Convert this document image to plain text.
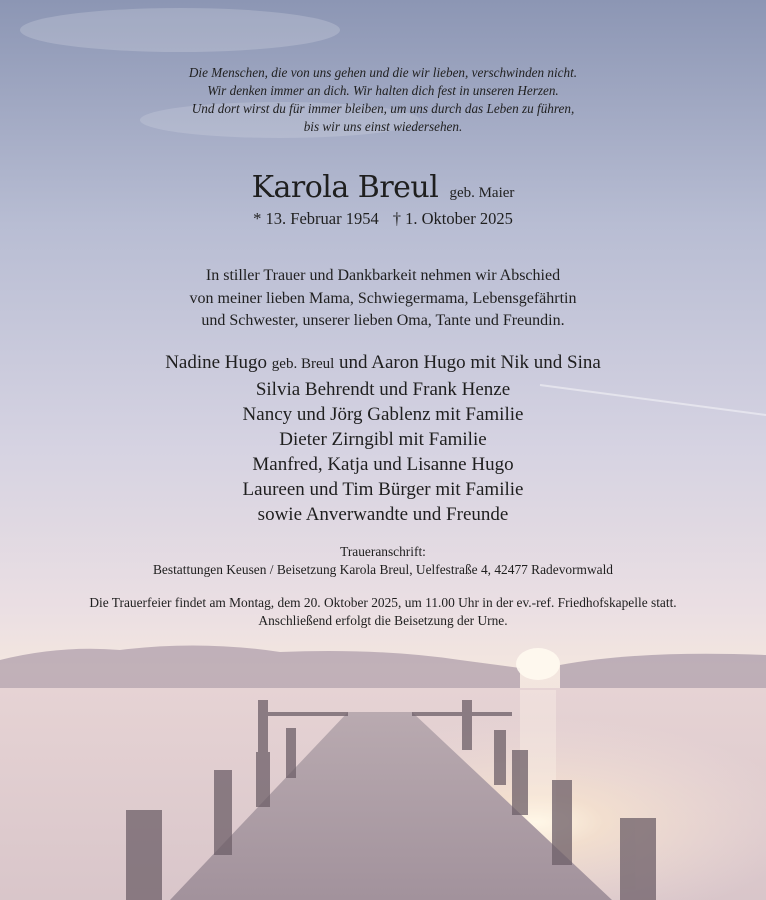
Die Menschen, die von uns gehen und die wir lieben, verschwinden nicht.
Wir denken immer an dich. Wir halten dich fest in unseren Herzen.
Und dort wirst du für immer bleiben, um uns durch das Leben zu führen,
bis wir uns einst wiedersehen.
Karola Breul geb. Maier
* 13. Februar 1954 † 1. Oktober 2025
In stiller Trauer und Dankbarkeit nehmen wir Abschied
von meiner lieben Mama, Schwiegermama, Lebensgefährtin
und Schwester, unserer lieben Oma, Tante und Freundin.
Nadine Hugo geb. Breul und Aaron Hugo mit Nik und Sina
Silvia Behrendt und Frank Henze
Nancy und Jörg Gablenz mit Familie
Dieter Zirngibl mit Familie
Manfred, Katja und Lisanne Hugo
Laureen und Tim Bürger mit Familie
sowie Anverwandte und Freunde
Traueranschrift:
Bestattungen Keusen / Beisetzung Karola Breul, Uelfestraße 4, 42477 Radevormwald
Die Trauerfeier findet am Montag, dem 20. Oktober 2025, um 11.00 Uhr in der ev.-ref. Friedhofskapelle statt.
Anschließend erfolgt die Beisetzung der Urne.
